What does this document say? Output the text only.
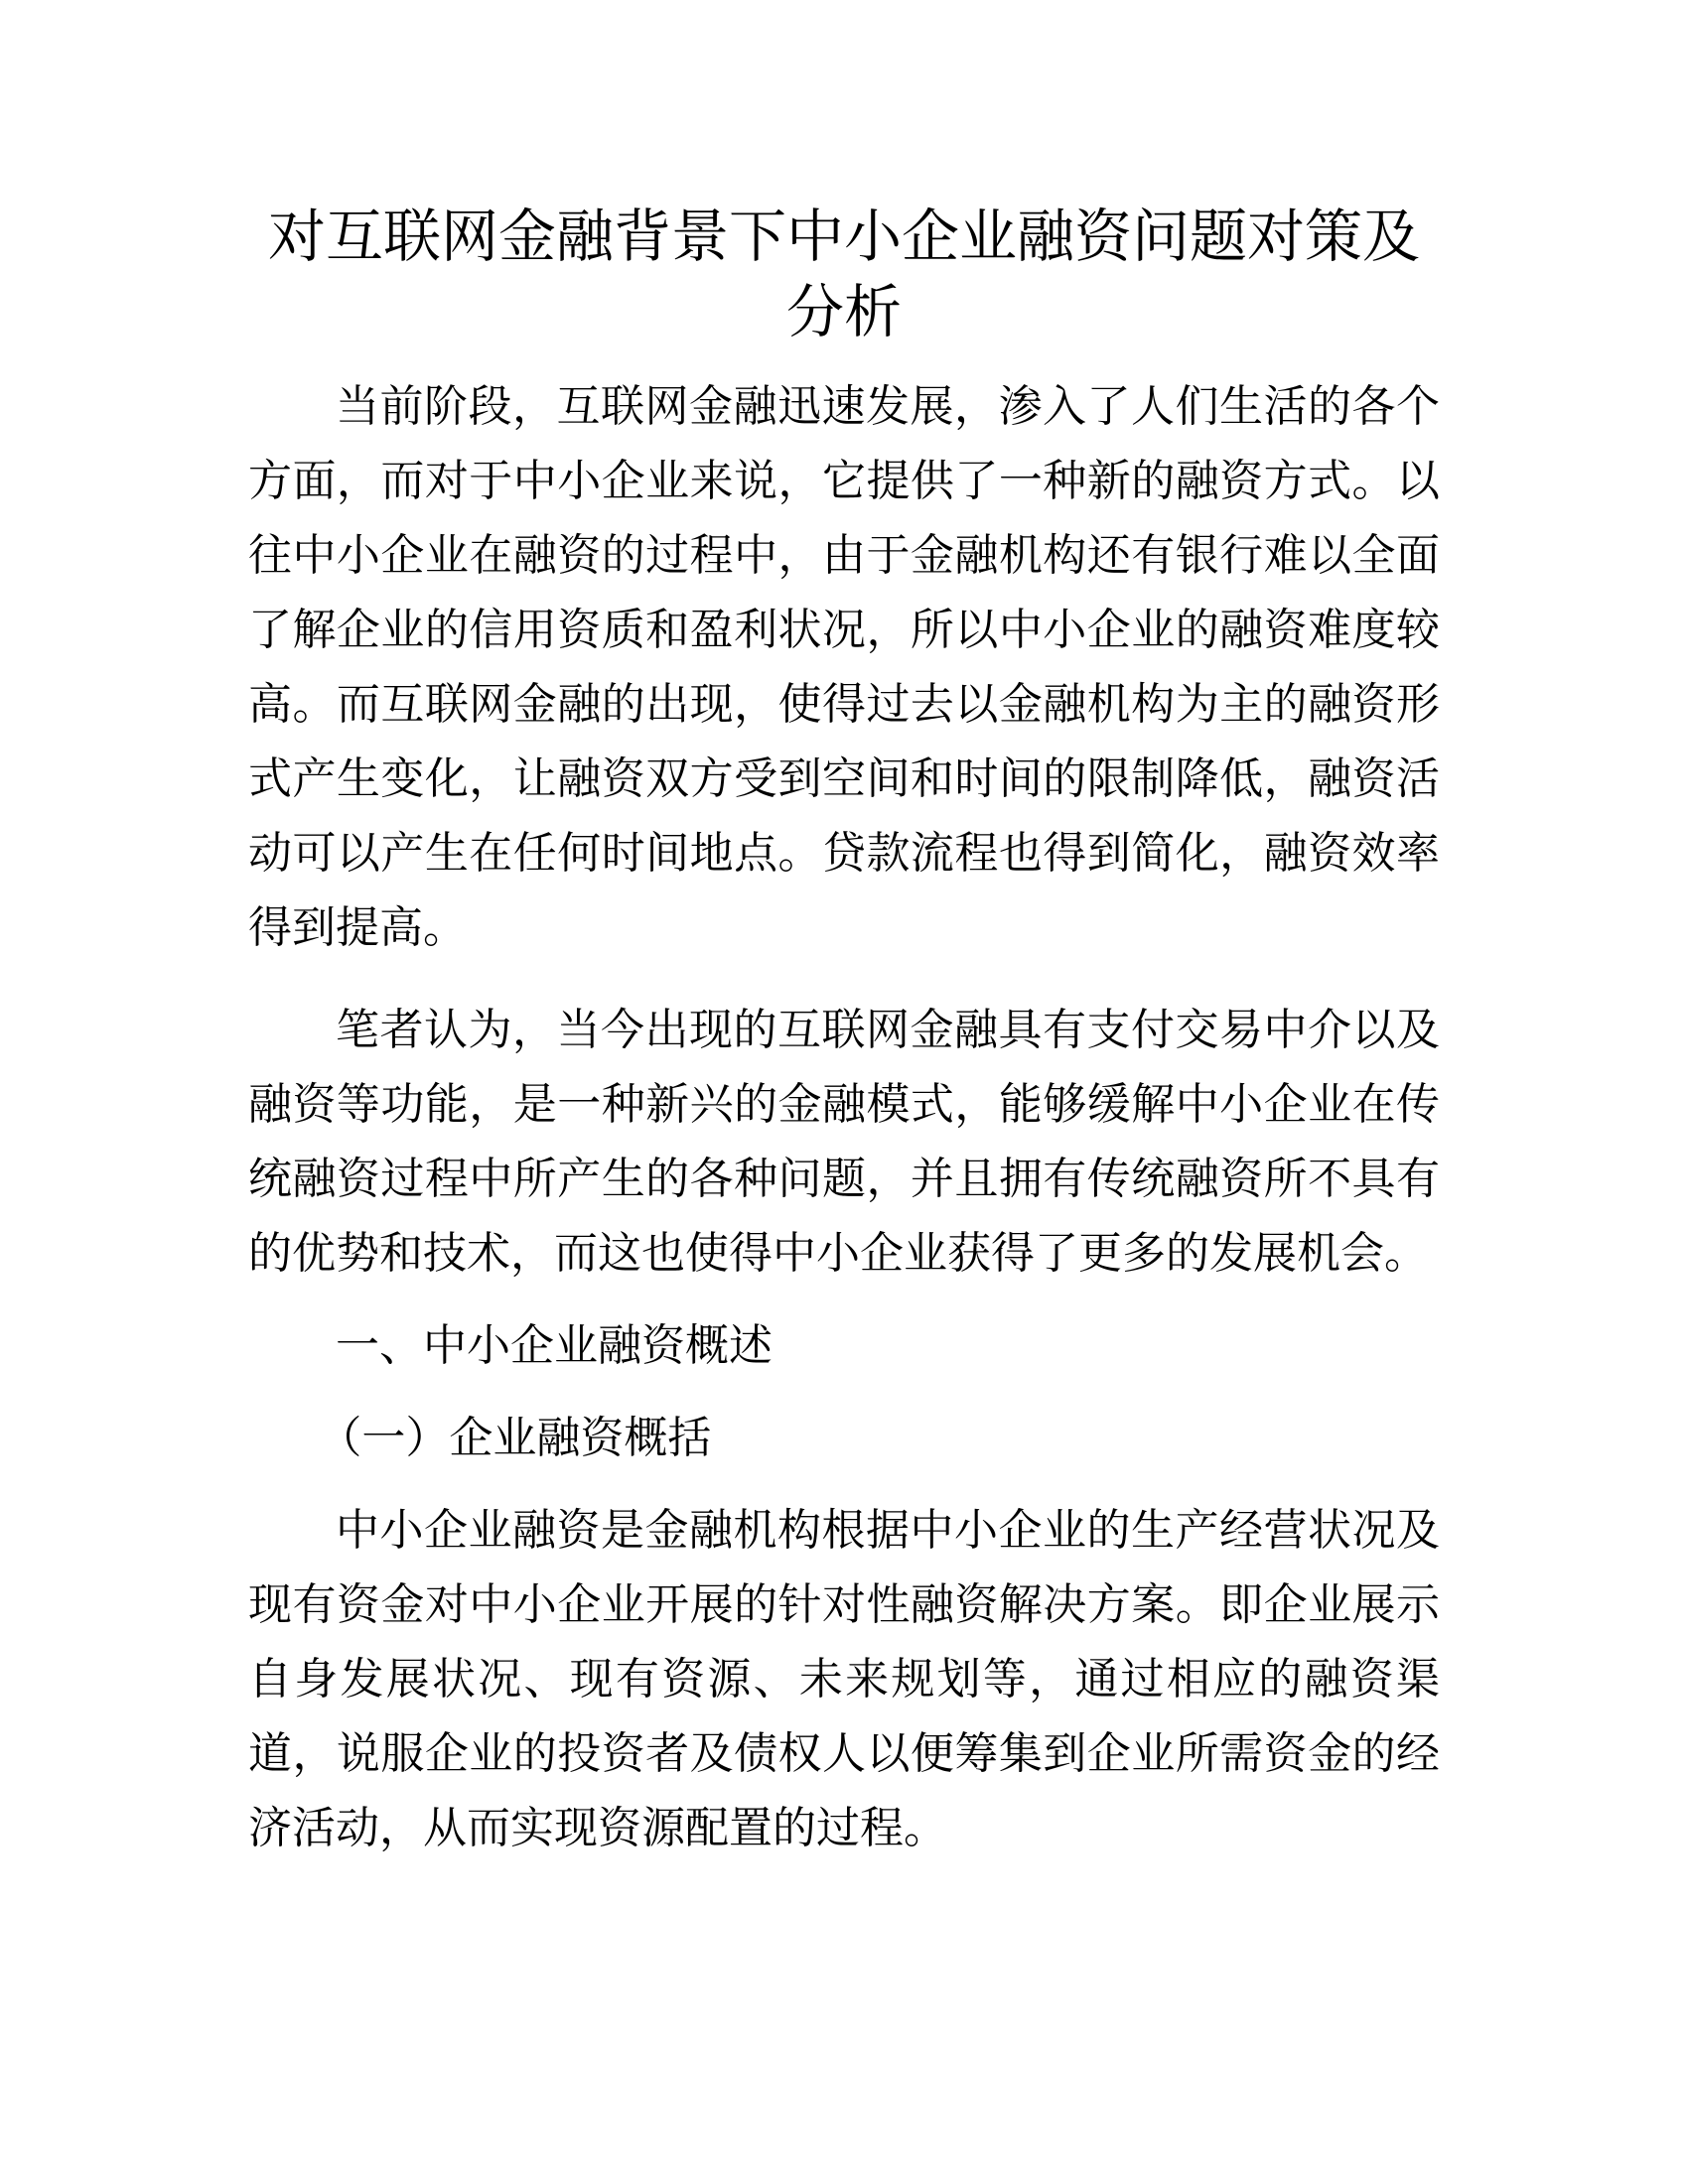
对互联网金融背景下中小企业融资问题对策及分析

当前阶段，互联网金融迅速发展，渗入了人们生活的各个方面，而对于中小企业来说，它提供了一种新的融资方式。以往中小企业在融资的过程中，由于金融机构还有银行难以全面了解企业的信用资质和盈利状况，所以中小企业的融资难度较高。而互联网金融的出现，使得过去以金融机构为主的融资形式产生变化，让融资双方受到空间和时间的限制降低，融资活动可以产生在任何时间地点。贷款流程也得到简化，融资效率得到提高。

笔者认为，当今出现的互联网金融具有支付交易中介以及融资等功能，是一种新兴的金融模式，能够缓解中小企业在传统融资过程中所产生的各种问题，并且拥有传统融资所不具有的优势和技术，而这也使得中小企业获得了更多的发展机会。

一、中小企业融资概述

（一）企业融资概括

中小企业融资是金融机构根据中小企业的生产经营状况及现有资金对中小企业开展的针对性融资解决方案。即企业展示自身发展状况、现有资源、未来规划等，通过相应的融资渠道，说服企业的投资者及债权人以便筹集到企业所需资金的经济活动，从而实现资源配置的过程。
